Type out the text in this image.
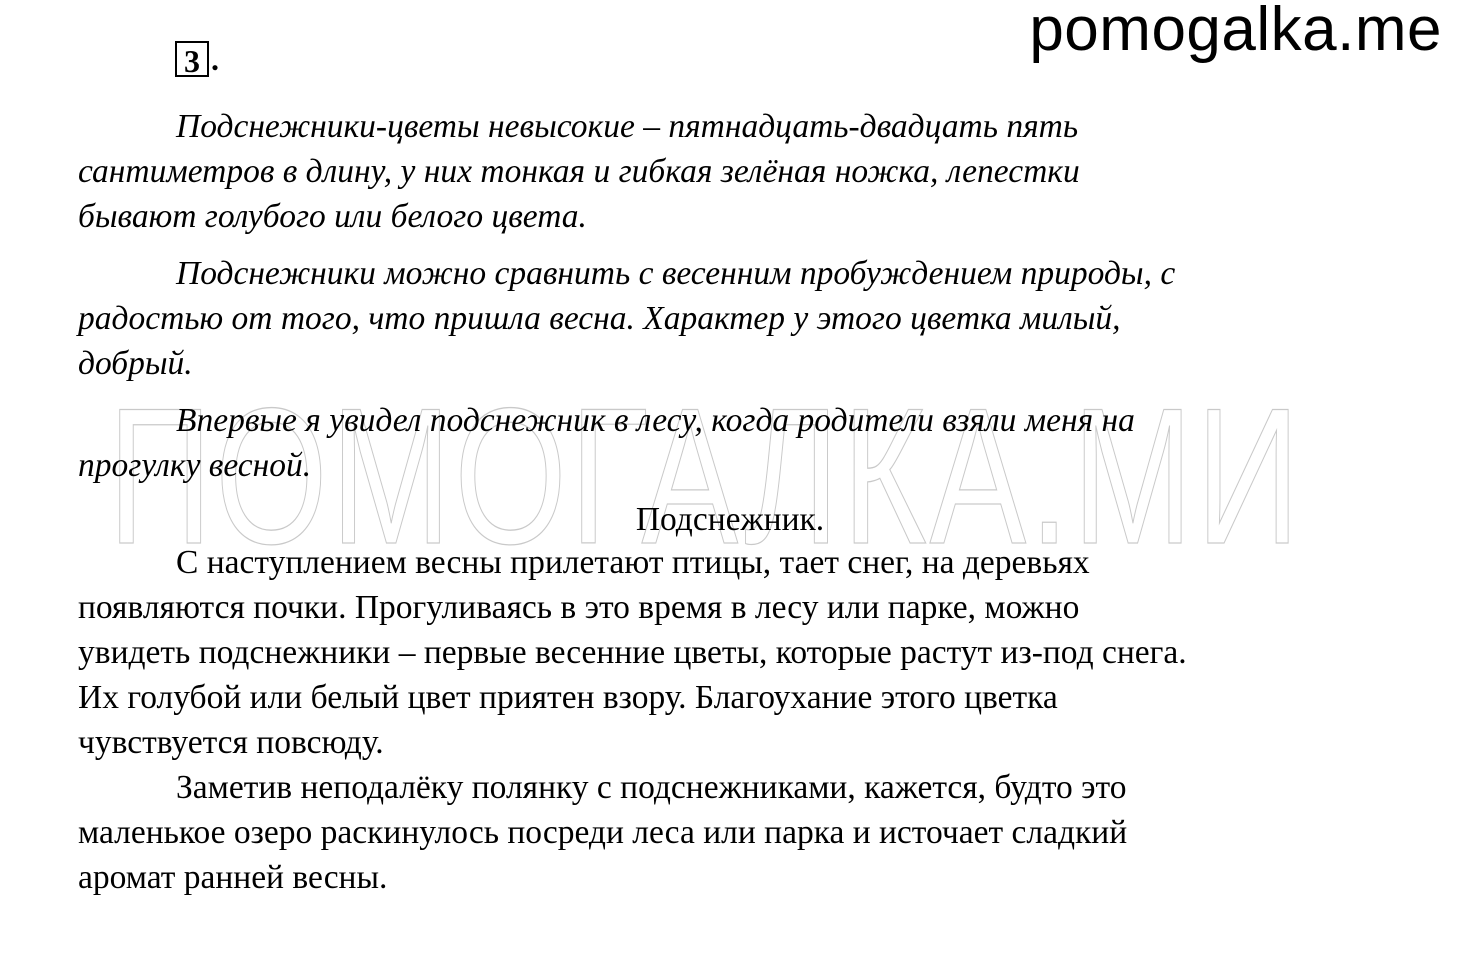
pomogalka.me
ПОМОГАЛКА.МИ
3 .
Подснежники-цветы невысокие – пятнадцать-двадцать пять
сантиметров в длину, у них тонкая и гибкая зелёная ножка, лепестки
бывают голубого или белого цвета.
Подснежники можно сравнить с весенним пробуждением природы, с
радостью от того, что пришла весна. Характер у этого цветка милый,
добрый.
Впервые я увидел подснежник в лесу, когда родители взяли меня на
прогулку весной.
Подснежник.
С наступлением весны прилетают птицы, тает снег, на деревьях
появляются почки. Прогуливаясь в это время в лесу или парке, можно
увидеть подснежники – первые весенние цветы, которые растут из-под снега.
Их голубой или белый цвет приятен взору. Благоухание этого цветка
чувствуется повсюду.
Заметив неподалёку полянку с подснежниками, кажется, будто это
маленькое озеро раскинулось посреди леса или парка и источает сладкий
аромат ранней весны.
